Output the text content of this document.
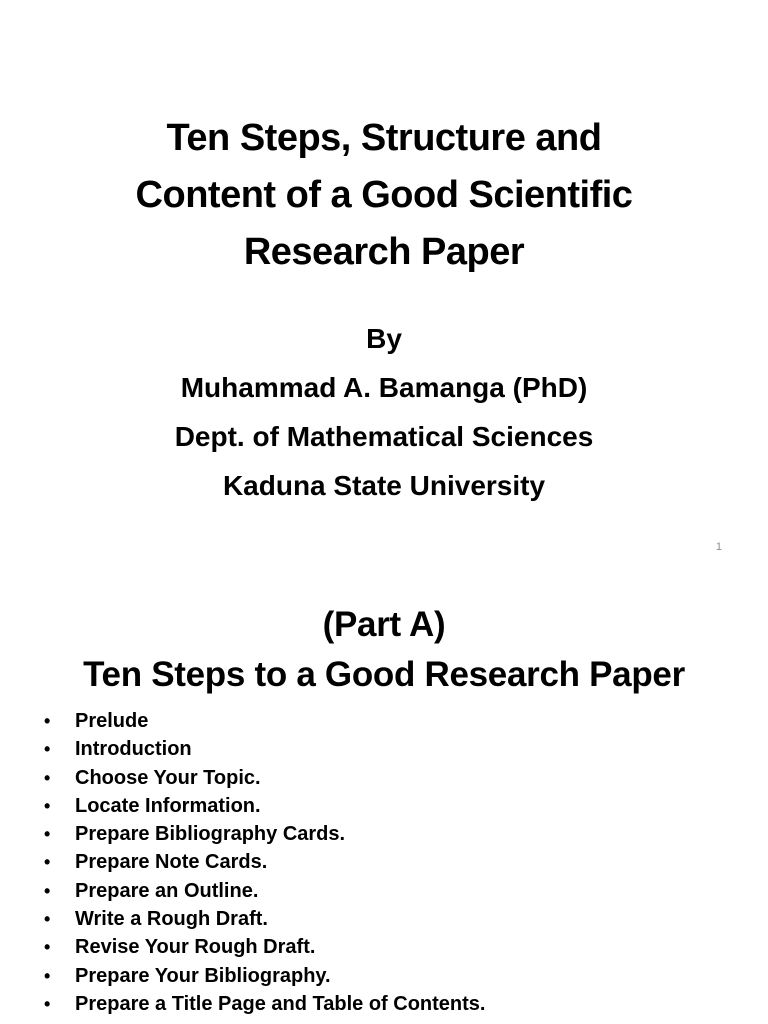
Ten Steps, Structure and
Content of a Good Scientific
Research Paper
By
Muhammad A. Bamanga (PhD)
Dept. of Mathematical Sciences
Kaduna State University
1
(Part A)
Ten Steps to a Good Research Paper
• Prelude
• Introduction
• Choose Your Topic.
• Locate Information.
• Prepare Bibliography Cards.
• Prepare Note Cards.
• Prepare an Outline.
• Write a Rough Draft.
• Revise Your Rough Draft.
• Prepare Your Bibliography.
• Prepare a Title Page and Table of Contents.
